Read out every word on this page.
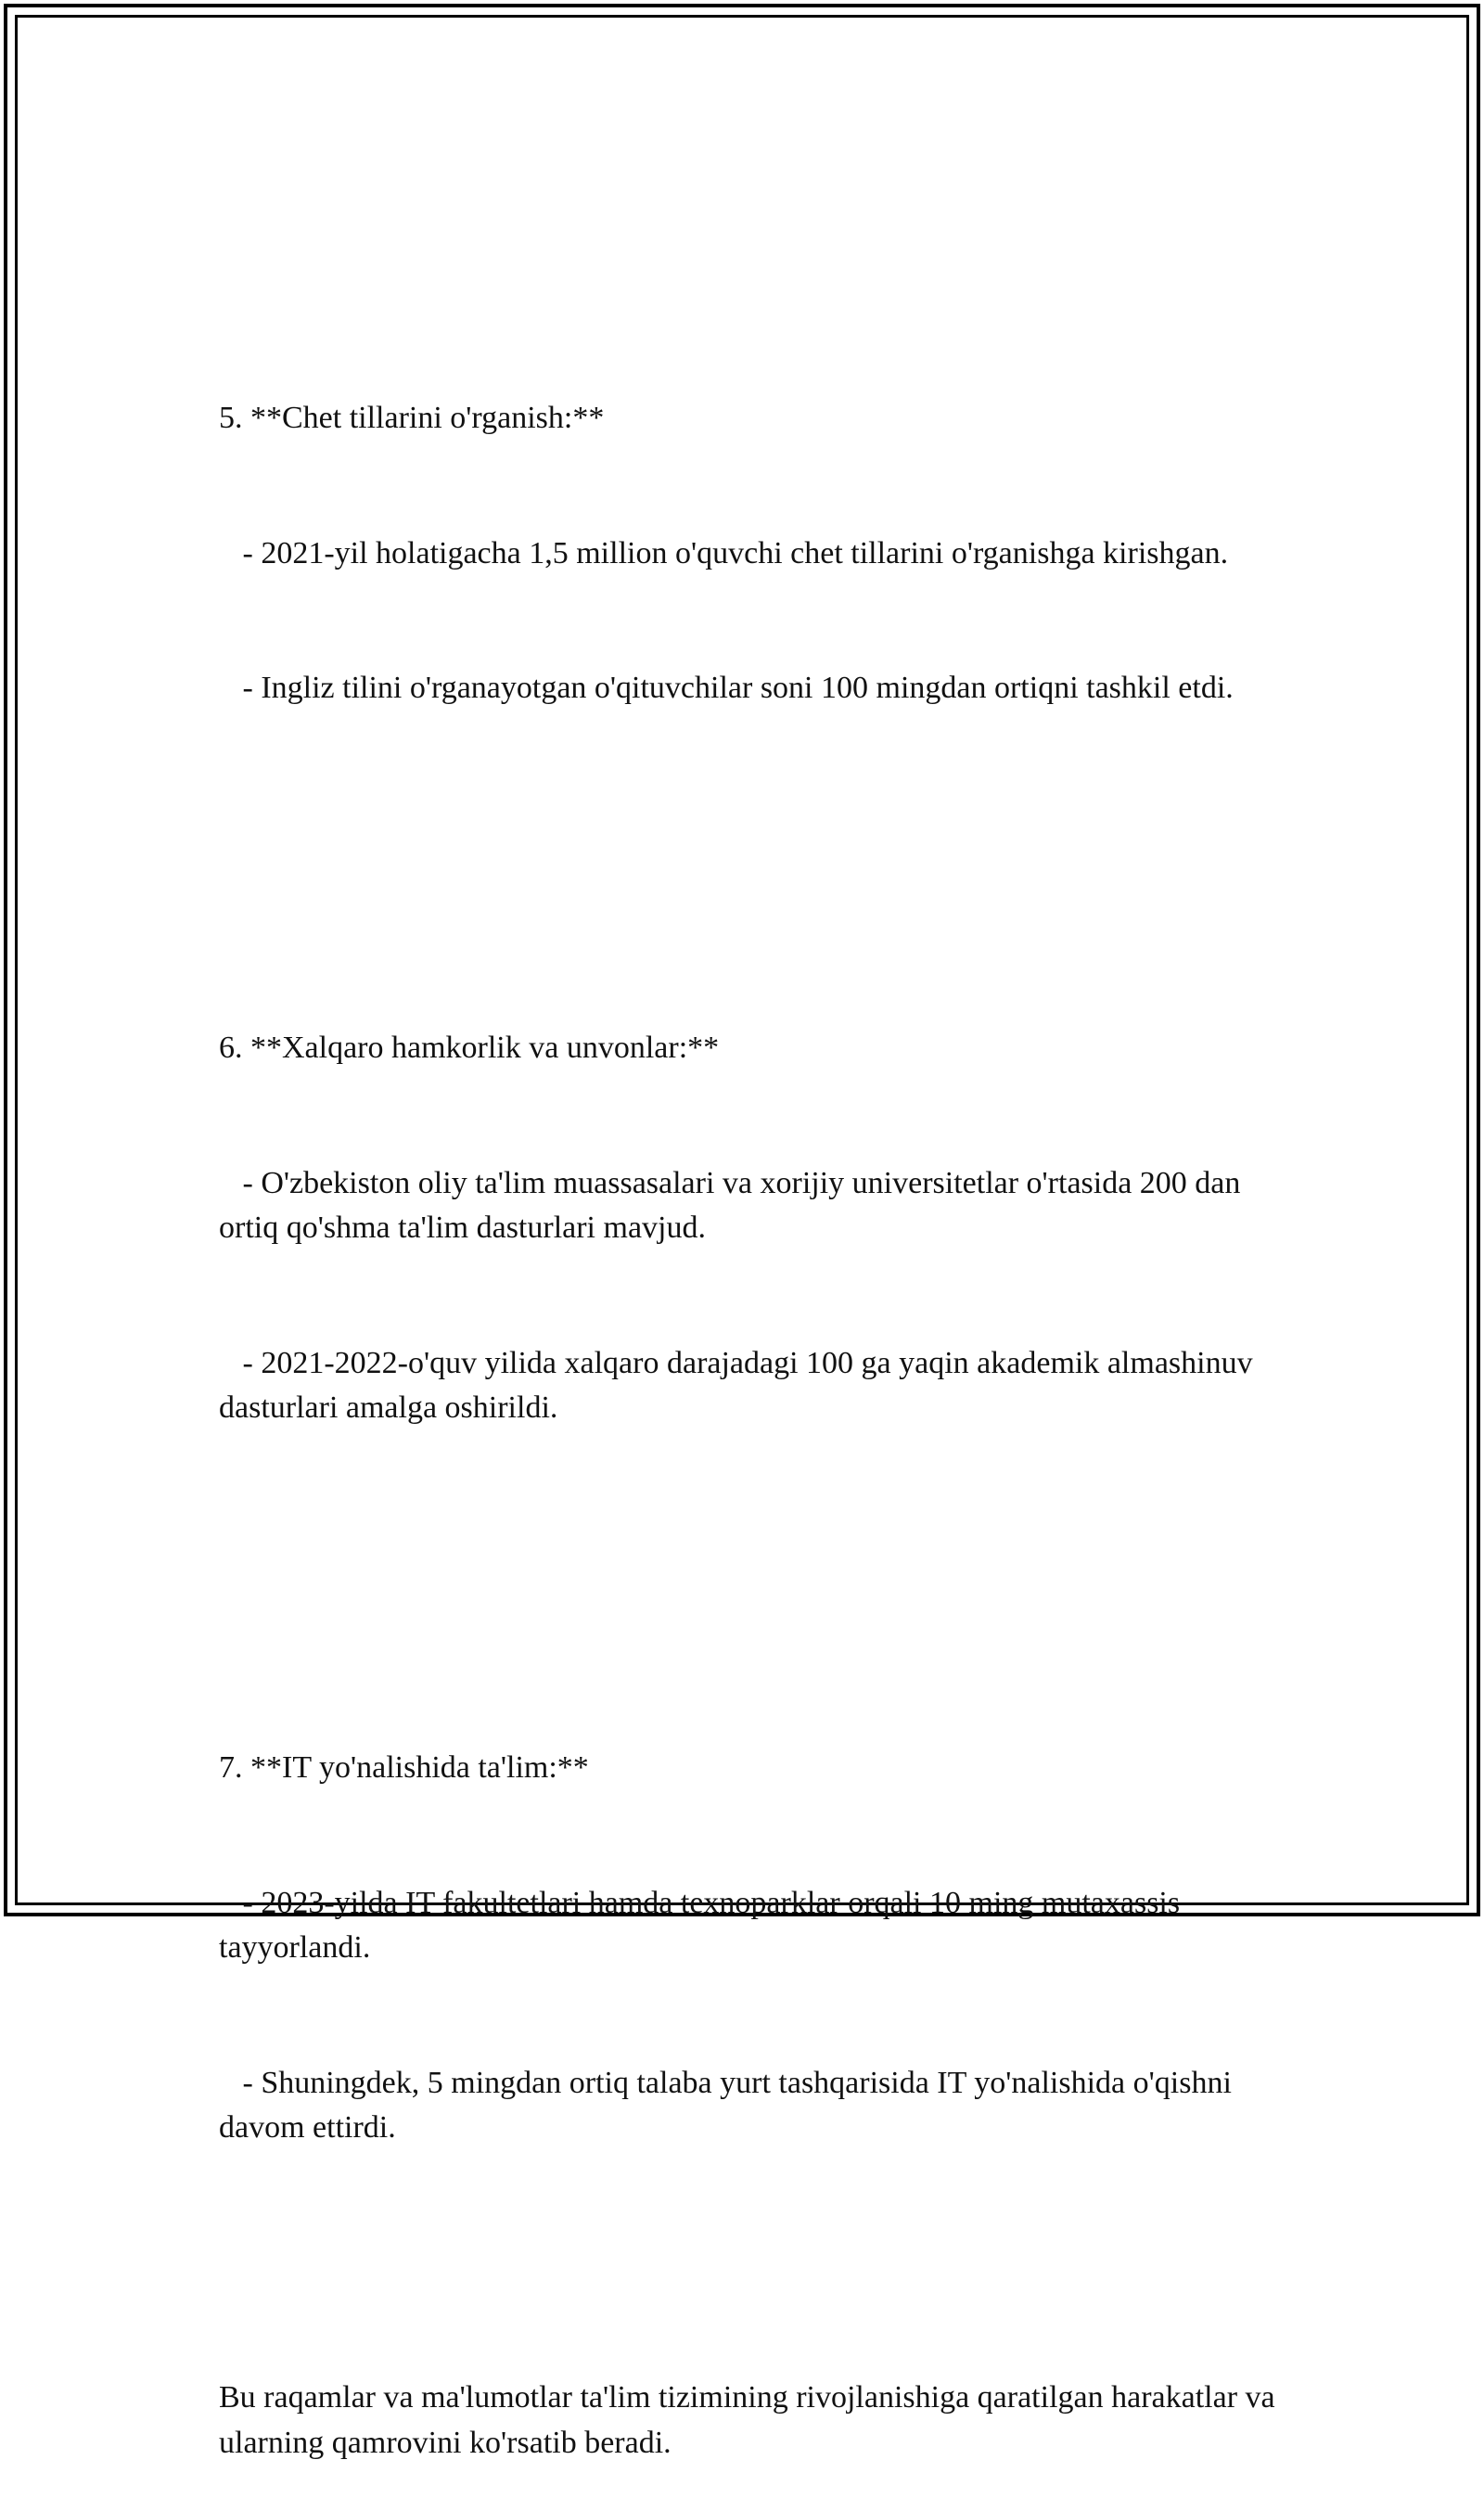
5. **Chet tillarini o'rganish:**

- 2021-yil holatigacha 1,5 million o'quvchi chet tillarini o'rganishga kirishgan.

- Ingliz tilini o'rganayotgan o'qituvchilar soni 100 mingdan ortiqni tashkil etdi.

6. **Xalqaro hamkorlik va unvonlar:**

- O'zbekiston oliy ta'lim muassasalari va xorijiy universitetlar o'rtasida 200 dan ortiq qo'shma ta'lim dasturlari mavjud.

- 2021-2022-o'quv yilida xalqaro darajadagi 100 ga yaqin akademik almashinuv dasturlari amalga oshirildi.

7. **IT yo'nalishida ta'lim:**

- 2023-yilda IT fakultetlari hamda texnoparklar orqali 10 ming mutaxassis tayyorlandi.

- Shuningdek, 5 mingdan ortiq talaba yurt tashqarisida IT yo'nalishida o'qishni davom ettirdi.

Bu raqamlar va ma'lumotlar ta'lim tizimining rivojlanishiga qaratilgan harakatlar va ularning qamrovini ko'rsatib beradi.
